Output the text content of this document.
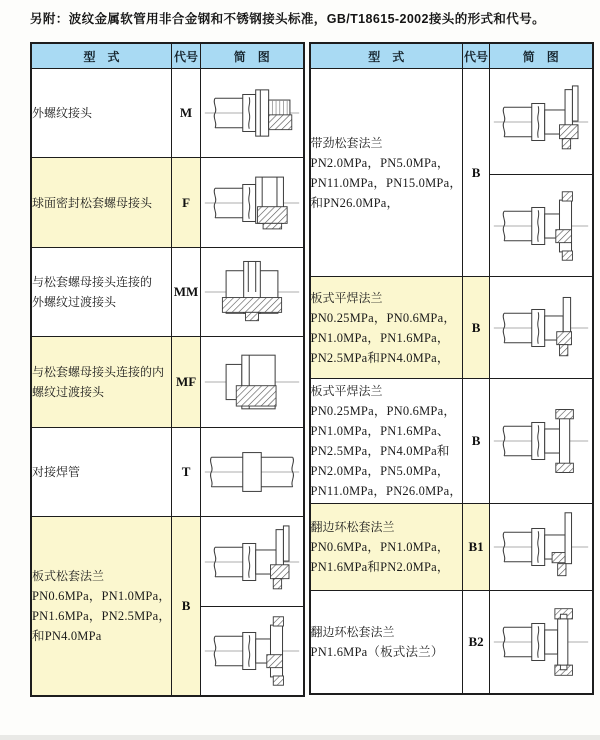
另附：波纹金属软管用非合金钢和不锈钢接头标准，GB/T18615-2002接头的形式和代号。
型　式	代号	简　图

外螺纹接头	M	

球面密封松套螺母接头	F	

与松套螺母接头连接的
外螺纹过渡接头	MM	

与松套螺母接头连接的内
螺纹过渡接头	MF	

对接焊管	T	

板式松套法兰
PN0.6MPa，PN1.0MPa，
PN1.6MPa，PN2.5MPa，
和PN4.0MPa	B	

型　式	代号	简　图

带劲松套法兰
PN2.0MPa，PN5.0MPa，
PN11.0MPa，PN15.0MPa，
和PN26.0MPa，	B	

板式平焊法兰
PN0.25MPa，PN0.6MPa，
PN1.0MPa，PN1.6MPa，
PN2.5MPa和PN4.0MPa，	B	

板式平焊法兰
PN0.25MPa，PN0.6MPa，
PN1.0MPa，PN1.6MPa、
PN2.5MPa，PN4.0MPa和
PN2.0MPa，PN5.0MPa，
PN11.0MPa，PN26.0MPa，
	B	

翻边环松套法兰
PN0.6MPa，PN1.0MPa，
PN1.6MPa和PN2.0MPa，	B1	

翻边环松套法兰
PN1.6MPa（板式法兰）	B2	
